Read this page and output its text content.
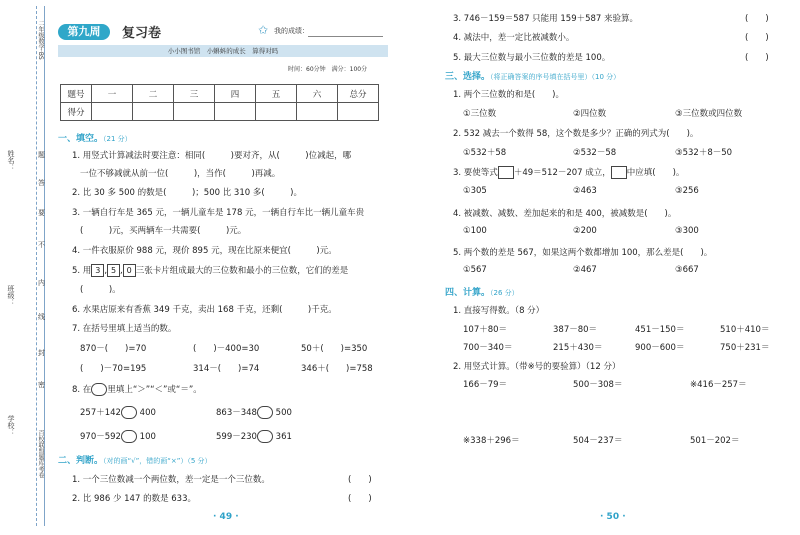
二年级数学·BS
百校联盟题库考卷
姓名：
班级：
学校：
题
答
要
不
内
线
封
密
第九周	复习卷	✩ 我的成绩：
小小图书馆　小蝌蚪的成长　算得对吗
时间：60分钟　满分：100分
题号	一	二	三	四	五	六	总分
得分							
一、填空。（21 分）
1. 用竖式计算减法时要注意：相同(　　　)要对齐，从(　　　)位减起，哪
一位不够减就从前一位(　　　)，当作(　　　)再减。
2. 比 30 多 500 的数是(　　　)；500 比 310 多(　　　)。
3. 一辆自行车是 365 元，一辆儿童车是 178 元，一辆自行车比一辆儿童车贵
(　　　)元，买两辆车一共需要(　　　)元。
4. 一件衣服原价 988 元，现价 895 元，现在比原来便宜(　　　)元。
5. 用 3 , 5 , 0 三张卡片组成最大的三位数和最小的三位数，它们的差是
(　　　)。
6. 水果店原来有香蕉 349 千克，卖出 168 千克，还剩(　　　)千克。
7. 在括号里填上适当的数。
870－(　　)=70	(　　)－400=30	50＋(　　)=350
(　　)－70=195	314－(　　)=74	346＋(　　)=758
8. 在 里填上“＞”“＜”或“＝”。
257＋142 400	863－348 500
970－592 100	599－230 361
二、判断。（对的画“√”，错的画“×”）（5 分）
1. 一个三位数减一个两位数，差一定是一个三位数。	(　　)
2. 比 986 少 147 的数是 633。	(　　)
· 49 ·
3. 746－159＝587 只能用 159＋587 来验算。	(　　)
4. 减法中，差一定比被减数小。	(　　)
5. 最大三位数与最小三位数的差是 100。	(　　)
三、选择。（将正确答案的序号填在括号里）（10 分）
1. 两个三位数的和是(　　)。
①三位数	②四位数	③三位数或四位数
2. 532 减去一个数得 58，这个数是多少？正确的列式为(　　)。
①532＋58	②532－58	③532＋8－50
3. 要使等式 ＋49＝512－207 成立， 中应填(　　)。
①305	②463	③256
4. 被减数、减数、差加起来的和是 400，被减数是(　　)。
①100	②200	③300
5. 两个数的差是 567，如果这两个数都增加 100，那么差是(　　)。
①567	②467	③667
四、计算。（26 分）
1. 直接写得数。（8 分）
107＋80＝	387－80＝	451－150＝	510＋410＝
700－340＝	215＋430＝	900－600＝	750＋231＝
2. 用竖式计算。（带※号的要验算）（12 分）
166－79＝	500－308＝	※416－257＝
※338＋296＝	504－237＝	501－202＝
· 50 ·
